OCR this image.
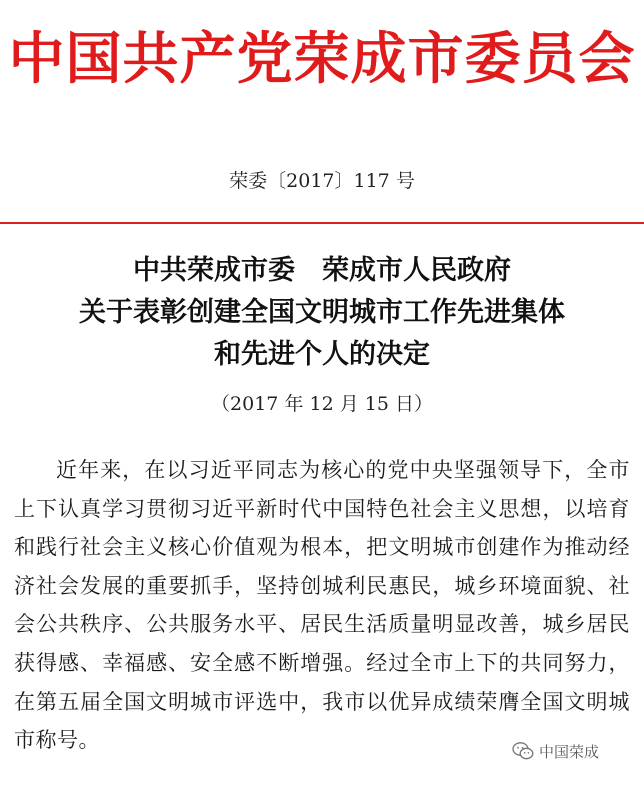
中国共产党荣成市委员会
荣委〔2017〕117 号
中共荣成市委　荣成市人民政府
关于表彰创建全国文明城市工作先进集体
和先进个人的决定
（2017 年 12 月 15 日）
近年来，在以习近平同志为核心的党中央坚强领导下，全市上下认真学习贯彻习近平新时代中国特色社会主义思想，以培育和践行社会主义核心价值观为根本，把文明城市创建作为推动经济社会发展的重要抓手，坚持创城利民惠民，城乡环境面貌、社会公共秩序、公共服务水平、居民生活质量明显改善，城乡居民获得感、幸福感、安全感不断增强。经过全市上下的共同努力，在第五届全国文明城市评选中，我市以优异成绩荣膺全国文明城市称号。	中国荣成
